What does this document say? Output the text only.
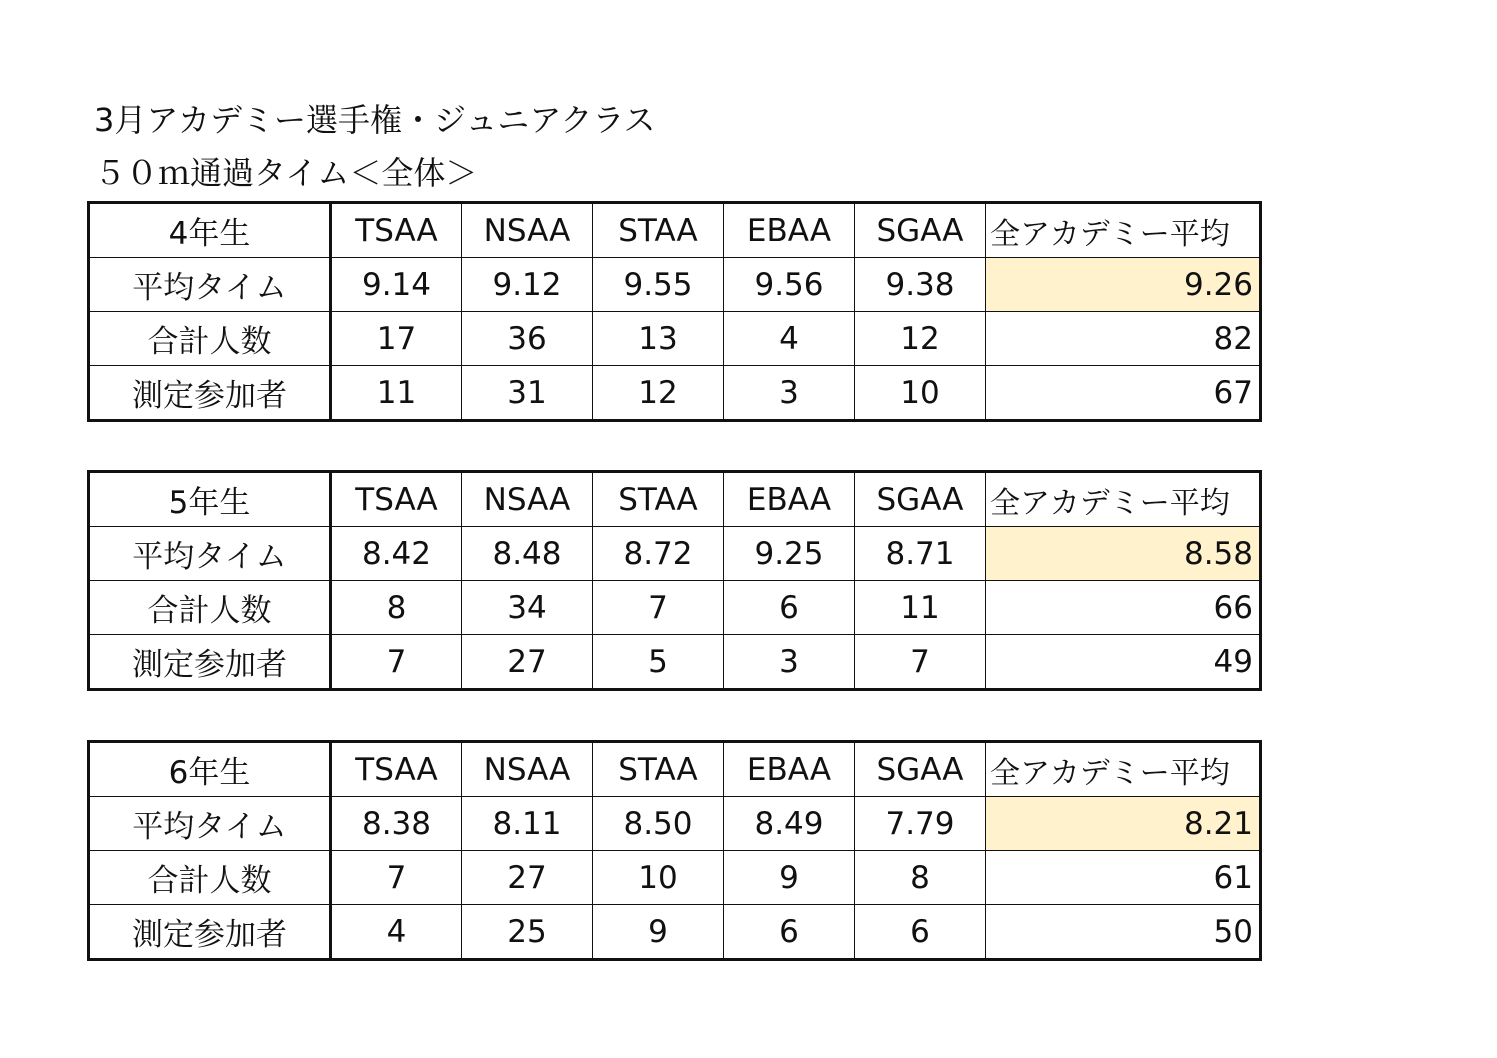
3月アカデミー選手権・ジュニアクラス
５０ｍ通過タイム＜全体＞
4年生	TSAA	NSAA	STAA	EBAA	SGAA	全アカデミー平均
平均タイム	9.14	9.12	9.55	9.56	9.38	9.26
合計人数	17	36	13	4	12	82
測定参加者	11	31	12	3	10	67
5年生	TSAA	NSAA	STAA	EBAA	SGAA	全アカデミー平均
平均タイム	8.42	8.48	8.72	9.25	8.71	8.58
合計人数	8	34	7	6	11	66
測定参加者	7	27	5	3	7	49
6年生	TSAA	NSAA	STAA	EBAA	SGAA	全アカデミー平均
平均タイム	8.38	8.11	8.50	8.49	7.79	8.21
合計人数	7	27	10	9	8	61
測定参加者	4	25	9	6	6	50
